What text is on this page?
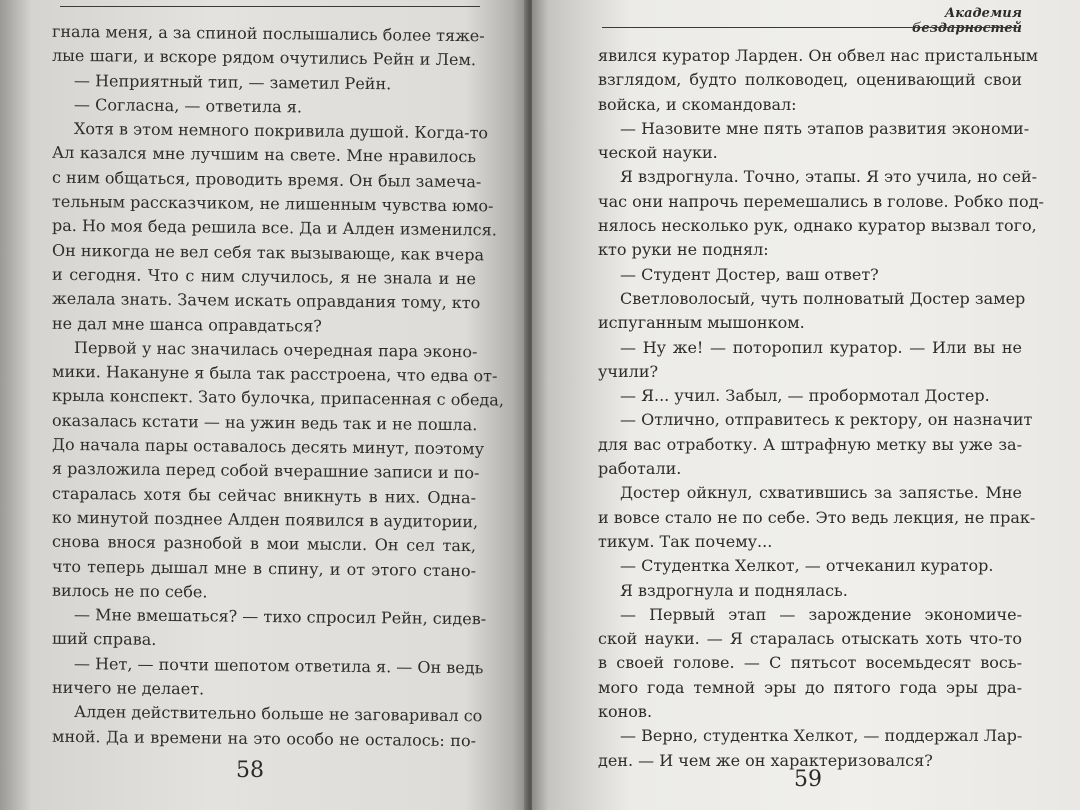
гнала меня, а за спиной послышались более тяже-
лые шаги, и вскоре рядом очутились Рейн и Лем.
— Неприятный тип, — заметил Рейн.
— Согласна, — ответила я.
Хотя в этом немного покривила душой. Когда-то
Ал казался мне лучшим на свете. Мне нравилось
с ним общаться, проводить время. Он был замеча-
тельным рассказчиком, не лишенным чувства юмо-
ра. Но моя беда решила все. Да и Алден изменился.
Он никогда не вел себя так вызывающе, как вчера
и сегодня. Что с ним случилось, я не знала и не
желала знать. Зачем искать оправдания тому, кто
не дал мне шанса оправдаться?
Первой у нас значилась очередная пара эконо-
мики. Накануне я была так расстроена, что едва от-
крыла конспект. Зато булочка, припасенная с обеда,
оказалась кстати — на ужин ведь так и не пошла.
До начала пары оставалось десять минут, поэтому
я разложила перед собой вчерашние записи и по-
старалась хотя бы сейчас вникнуть в них. Одна-
ко минутой позднее Алден появился в аудитории,
снова внося разнобой в мои мысли. Он сел так,
что теперь дышал мне в спину, и от этого стано-
вилось не по себе.
— Мне вмешаться? — тихо спросил Рейн, сидев-
ший справа.
— Нет, — почти шепотом ответила я. — Он ведь
ничего не делает.
Алден действительно больше не заговаривал со
мной. Да и времени на это особо не осталось: по-
58
Академия бездарностей
явился куратор Ларден. Он обвел нас пристальным
взглядом, будто полководец, оценивающий свои
войска, и скомандовал:
— Назовите мне пять этапов развития экономи-
ческой науки.
Я вздрогнула. Точно, этапы. Я это учила, но сей-
час они напрочь перемешались в голове. Робко под-
нялось несколько рук, однако куратор вызвал того,
кто руки не поднял:
— Студент Достер, ваш ответ?
Светловолосый, чуть полноватый Достер замер
испуганным мышонком.
— Ну же! — поторопил куратор. — Или вы не
учили?
— Я... учил. Забыл, — пробормотал Достер.
— Отлично, отправитесь к ректору, он назначит
для вас отработку. А штрафную метку вы уже за-
работали.
Достер ойкнул, схватившись за запястье. Мне
и вовсе стало не по себе. Это ведь лекция, не прак-
тикум. Так почему...
— Студентка Хелкот, — отчеканил куратор.
Я вздрогнула и поднялась.
— Первый этап — зарождение экономиче-
ской науки. — Я старалась отыскать хоть что-то
в своей голове. — С пятьсот восемьдесят вось-
мого года темной эры до пятого года эры дра-
конов.
— Верно, студентка Хелкот, — поддержал Лар-
ден. — И чем же он характеризовался?
59
